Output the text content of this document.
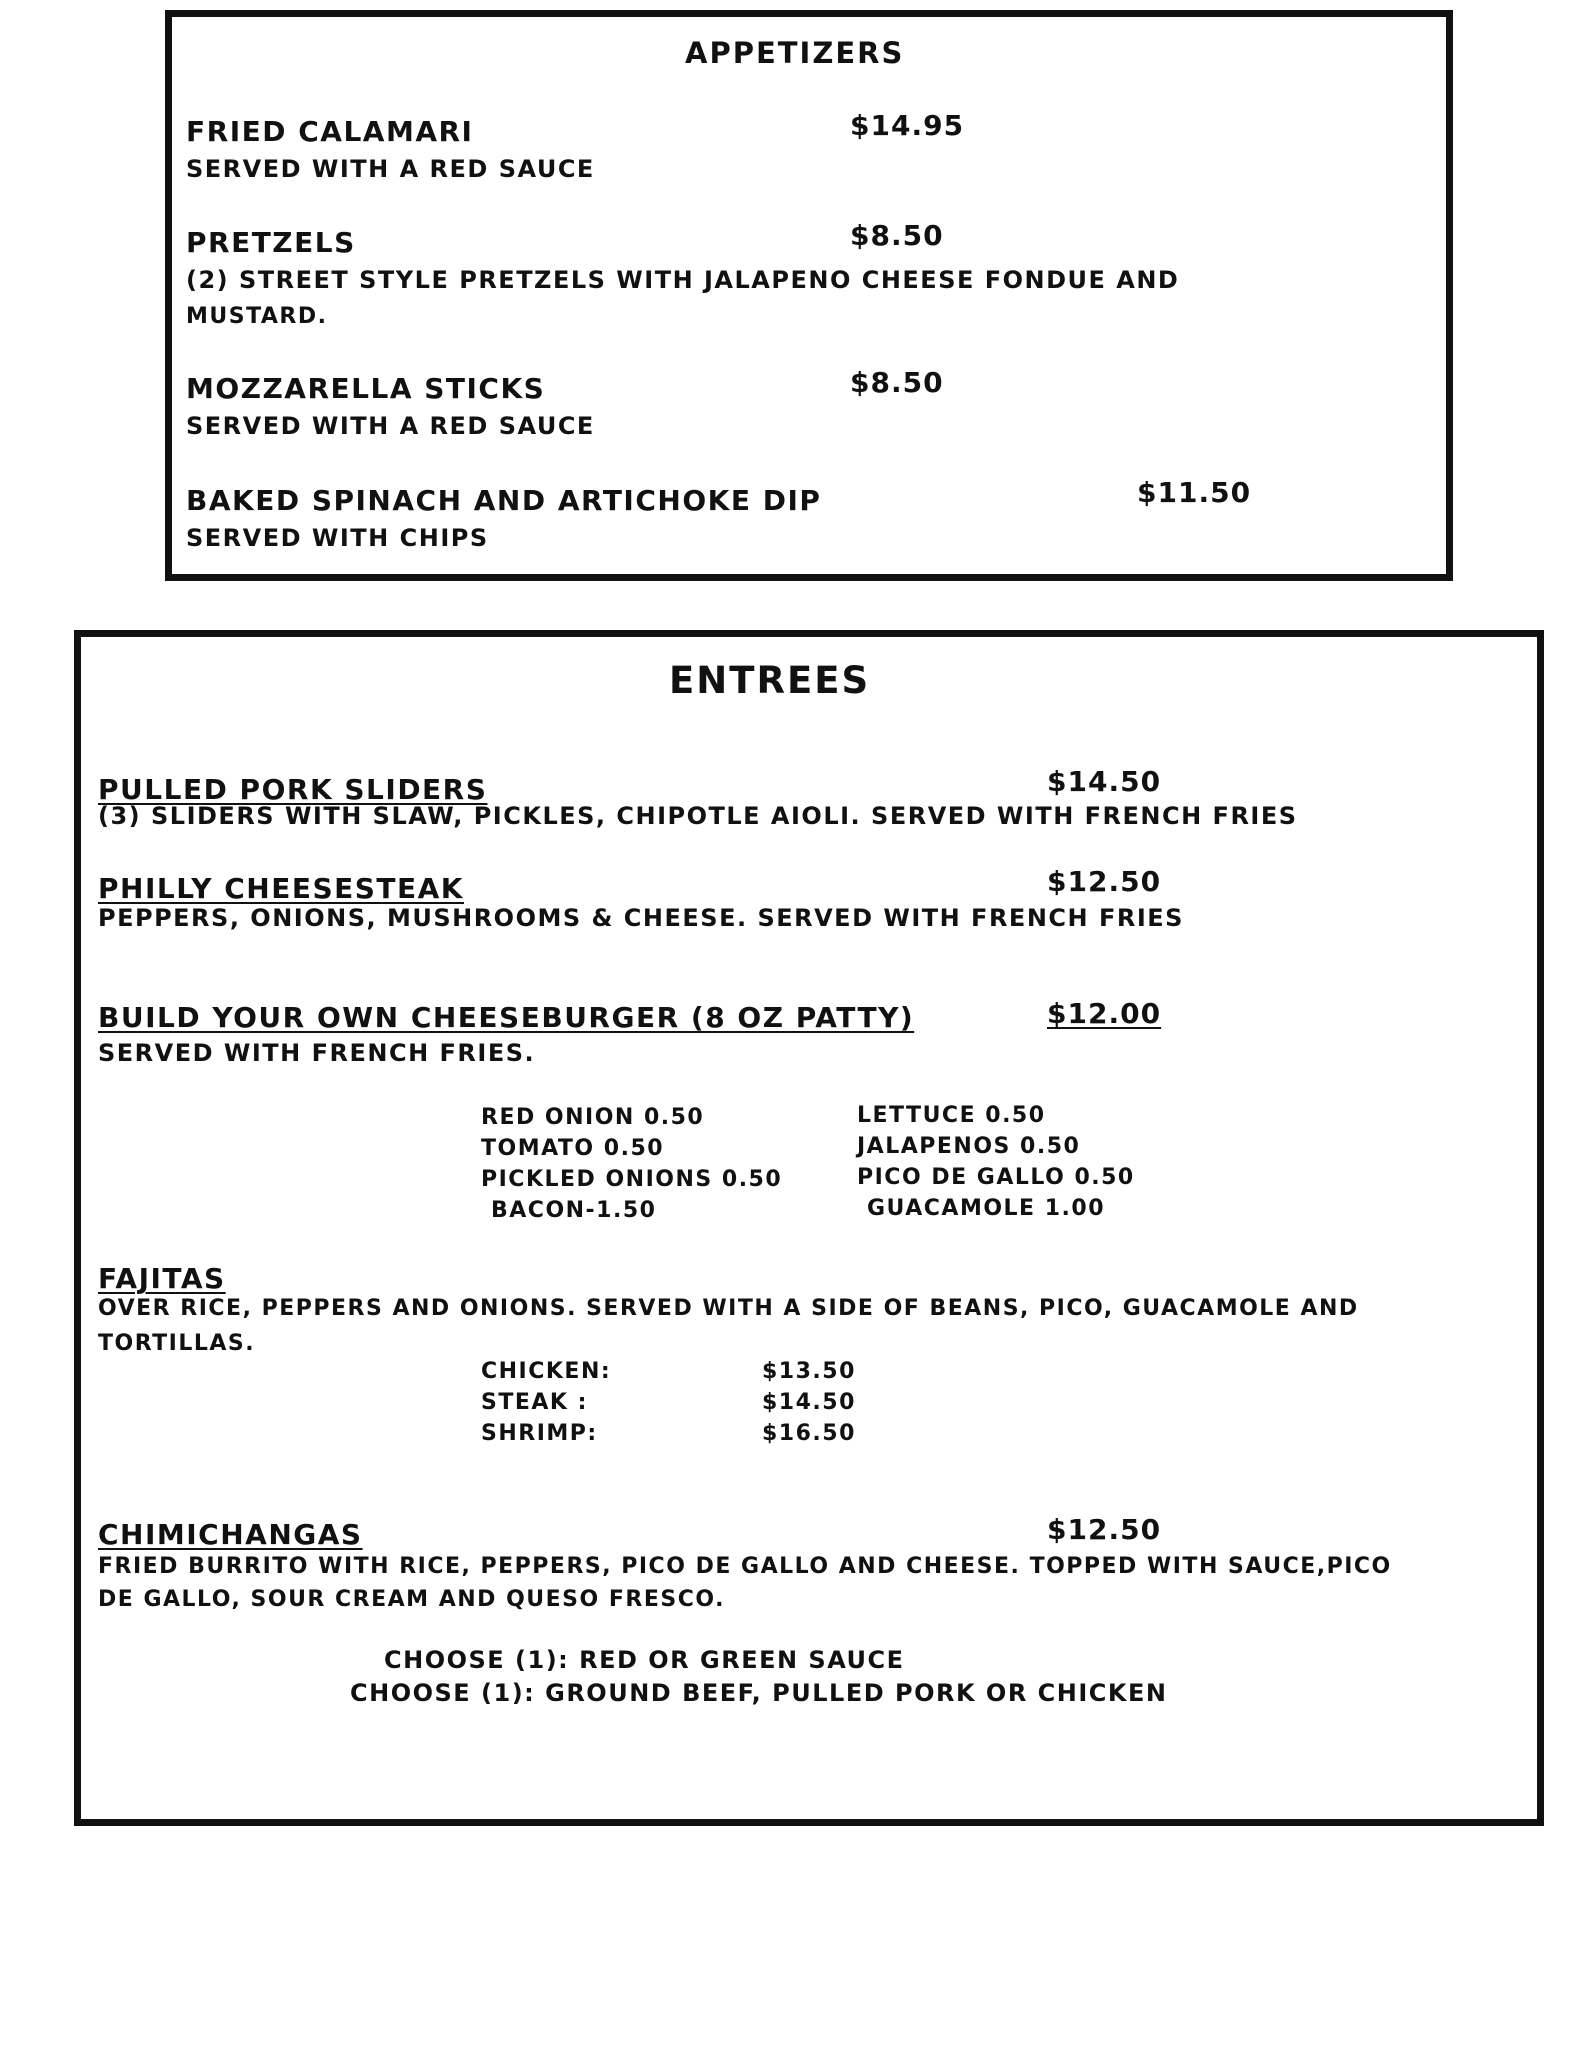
APPETIZERS
FRIED CALAMARI	$14.95
SERVED WITH A RED SAUCE
PRETZELS	$8.50
(2) STREET STYLE PRETZELS WITH JALAPENO CHEESE FONDUE AND
MUSTARD.
MOZZARELLA STICKS	$8.50
SERVED WITH A RED SAUCE
BAKED SPINACH AND ARTICHOKE DIP	$11.50
SERVED WITH CHIPS
ENTREES
PULLED PORK SLIDERS	$14.50
(3) SLIDERS WITH SLAW, PICKLES, CHIPOTLE AIOLI. SERVED WITH FRENCH FRIES
PHILLY CHEESESTEAK	$12.50
PEPPERS, ONIONS, MUSHROOMS & CHEESE. SERVED WITH FRENCH FRIES
BUILD YOUR OWN CHEESEBURGER (8 OZ PATTY)	$12.00
SERVED WITH FRENCH FRIES.
RED ONION 0.50
TOMATO 0.50
PICKLED ONIONS 0.50
BACON-1.50
LETTUCE 0.50
JALAPENOS 0.50
PICO DE GALLO 0.50
GUACAMOLE 1.00
FAJITAS
OVER RICE, PEPPERS AND ONIONS. SERVED WITH A SIDE OF BEANS, PICO, GUACAMOLE AND
TORTILLAS.
CHICKEN:	$13.50
STEAK :	$14.50
SHRIMP:	$16.50
CHIMICHANGAS	$12.50
FRIED BURRITO WITH RICE, PEPPERS, PICO DE GALLO AND CHEESE. TOPPED WITH SAUCE,PICO
DE GALLO, SOUR CREAM AND QUESO FRESCO.
CHOOSE (1): RED OR GREEN SAUCE
CHOOSE (1): GROUND BEEF, PULLED PORK OR CHICKEN
